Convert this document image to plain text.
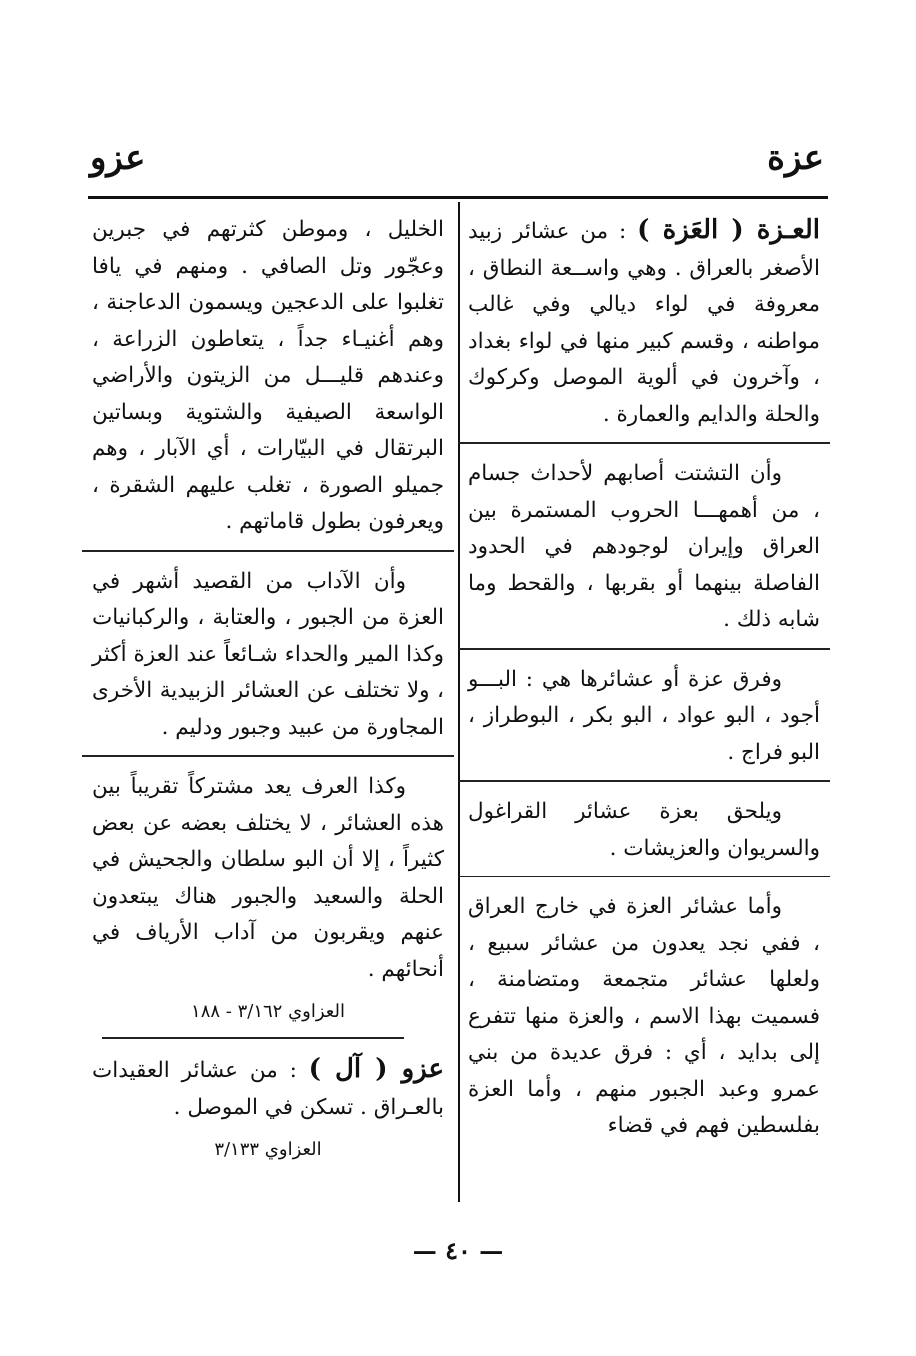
عزة
عزو

العـزة ( العَزة ) : من عشائر زبيد الأصغر بالعراق . وهي واســعة النطاق ، معروفة في لواء ديالي وفي غالب مواطنه ، وقسم كبير منها في لواء بغداد ، وآخرون في ألوية الموصل وكركوك والحلة والدايم والعمارة .

وأن التشتت أصابهم لأحداث جسام ، من أهمهـــا الحروب المستمرة بين العراق وإيران لوجودهم في الحدود الفاصلة بينهما أو بقربها ، والقحط وما شابه ذلك .

وفرق عزة أو عشائرها هي : البـــو أجود ، البو عواد ، البو بكر ، البوطراز ، البو فراج .

ويلحق بعزة عشائر القراغول والسريوان والعزيشات .

وأما عشائر العزة في خارج العراق ، ففي نجد يعدون من عشائر سبيع ، ولعلها عشائر متجمعة ومتضامنة ، فسميت بهذا الاسم ، والعزة منها تتفرع إلى بدايد ، أي : فرق عديدة من بني عمرو وعبد الجبور منهم ، وأما العزة بفلسطين فهم في قضاء

الخليل ، وموطن كثرتهم في جبرين وعجّور وتل الصافي . ومنهم في يافا تغلبوا على الدعجين ويسمون الدعاجنة ، وهم أغنيـاء جداً ، يتعاطون الزراعة ، وعندهم قليـــل من الزيتون والأراضي الواسعة الصيفية والشتوية وبساتين البرتقال في البيّارات ، أي الآبار ، وهم جميلو الصورة ، تغلب عليهم الشقرة ، ويعرفون بطول قاماتهم .

وأن الآداب من القصيد أشهر في العزة من الجبور ، والعتابة ، والركبانيات وكذا المير والحداء شـائعاً عند العزة أكثر ، ولا تختلف عن العشائر الزبيدية الأخرى المجاورة من عبيد وجبور ودليم .

وكذا العرف يعد مشتركاً تقريباً بين هذه العشائر ، لا يختلف بعضه عن بعض كثيراً ، إلا أن البو سلطان والجحيش في الحلة والسعيد والجبور هناك يبتعدون عنهم ويقربون من آداب الأرياف في أنحائهم .

العزاوي ٣/١٦٢ - ١٨٨

عزو ( آل ) : من عشائر العقيدات بالعـراق . تسكن في الموصل .

العزاوي ٣/١٣٣

— ٤٠ —
